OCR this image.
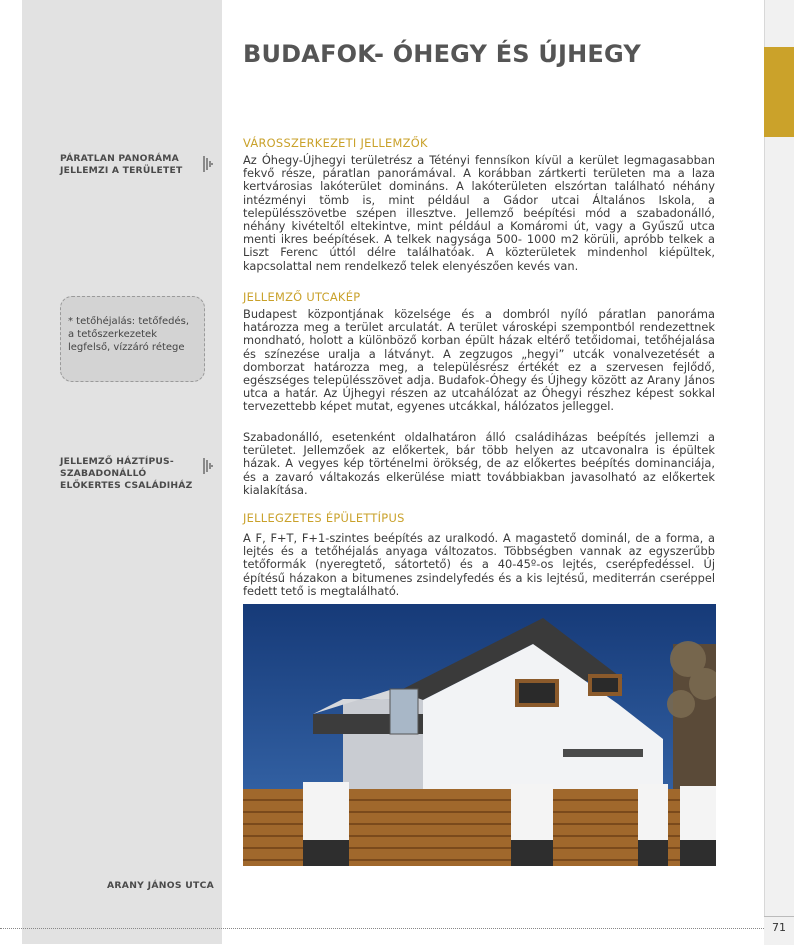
BUDAFOK- ÓHEGY ÉS ÚJHEGY
PÁRATLAN PANORÁMA
JELLEMZI A TERÜLETET
* tetőhéjalás: tetőfedés,
a tetőszerkezetek
legfelső, vízzáró rétege
JELLEMZŐ HÁZTÍPUS-
SZABADONÁLLÓ
ELŐKERTES CSALÁDIHÁZ
VÁROSSZERKEZETI JELLEMZŐK
Az Óhegy-Újhegyi területrész a Tétényi fennsíkon kívül a kerület legmagasabban fekvő része, páratlan panorámával. A korábban zártkerti területen ma a laza kertvárosias lakóterület domináns. A lakóterületen elszórtan található néhány intézményi tömb is, mint például a Gádor utcai Általános Iskola, a településszövetbe szépen illesztve. Jellemző beépítési mód a szabadonálló, néhány kivételtől eltekintve, mint például a Komáromi út, vagy a Gyűszű utca menti ikres beépítések. A telkek nagysága 500- 1000 m2 körüli, apróbb telkek a Liszt Ferenc úttól délre találhatóak. A közterületek mindenhol kiépültek, kapcsolattal nem rendelkező telek elenyészően kevés van.
JELLEMZŐ UTCAKÉP
Budapest központjának közelsége és a dombról nyíló páratlan panoráma határozza meg a terület arculatát. A terület városképi szempontból rendezettnek mondható, holott a különböző korban épült házak eltérő tetőidomai, tetőhéjalása és színezése uralja a látványt. A zegzugos „hegyi” utcák vonalvezetését a domborzat határozza meg, a településrész értékét ez a szervesen fejlődő, egészséges településszövet adja. Budafok-Óhegy és Újhegy között az Arany János utca a határ. Az Újhegyi részen az utcahálózat az Óhegyi részhez képest sokkal tervezettebb képet mutat, egyenes utcákkal, hálózatos jelleggel.
Szabadonálló, esetenként oldalhatáron álló családiházas beépítés jellemzi a területet. Jellemzőek az előkertek, bár több helyen az utcavonalra is épültek házak. A vegyes kép történelmi örökség, de az előkertes beépítés dominanciája, és a zavaró váltakozás elkerülése miatt továbbiakban javasolható az előkertek kialakítása.
JELLEGZETES ÉPÜLETTÍPUS
A F, F+T, F+1-szintes beépítés az uralkodó. A magastető dominál, de a forma, a lejtés és a tetőhéjalás anyaga változatos. Többségben vannak az egyszerűbb tetőformák (nyeregtető, sátortető) és a 40-45º-os lejtés, cserépfedéssel. Új építésű házakon a bitumenes zsindelyfedés és a kis lejtésű, mediterrán cseréppel fedett tető is megtalálható.
ARANY JÁNOS UTCA
71
